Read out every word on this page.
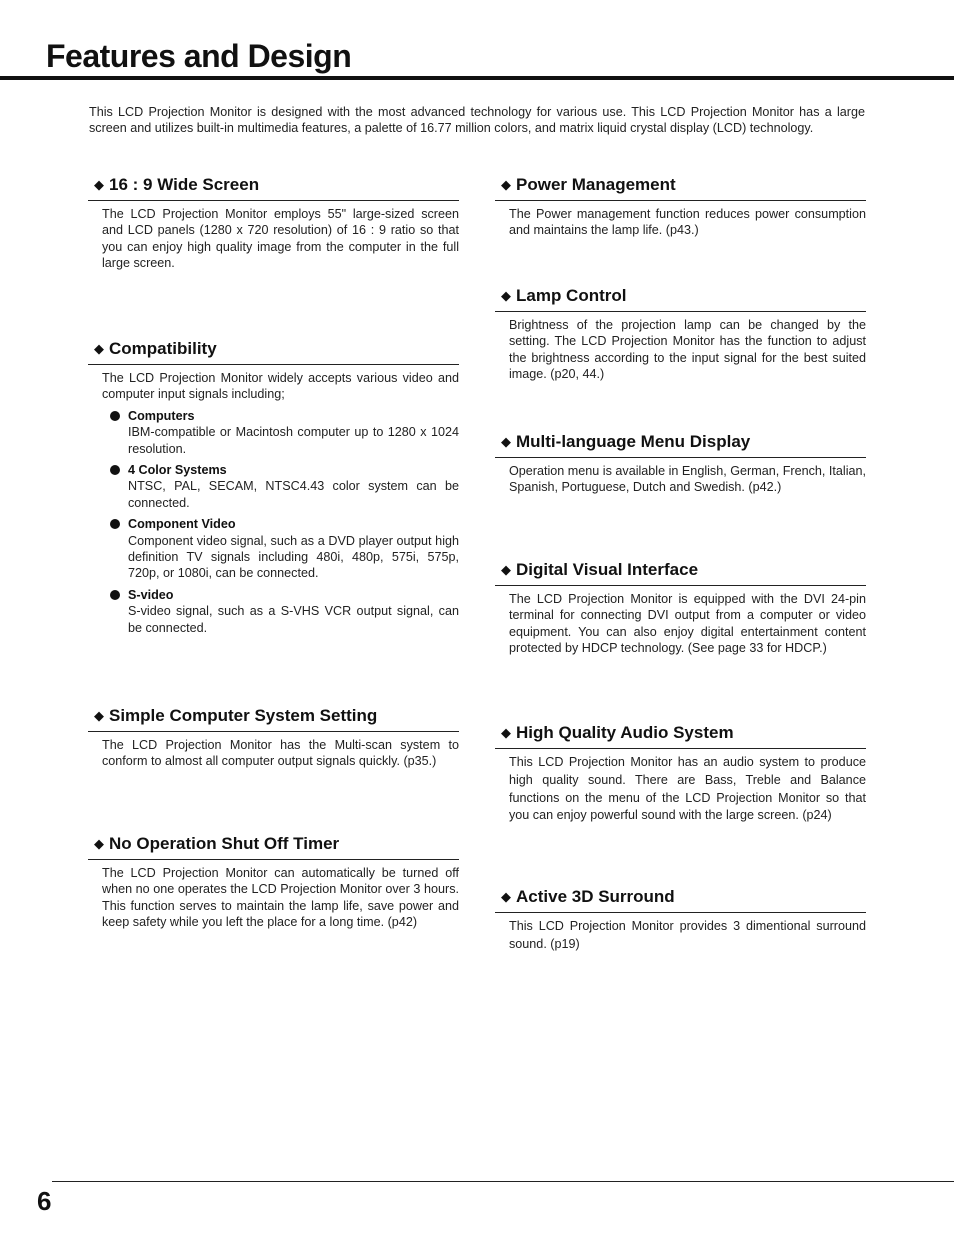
Features and Design

This LCD Projection Monitor is designed with the most advanced technology for various use. This LCD Projection Monitor has a large screen and utilizes built-in multimedia features, a palette of 16.77 million colors, and matrix liquid crystal display (LCD) technology.

◆ 16 : 9 Wide Screen
The LCD Projection Monitor employs 55" large-sized screen and LCD panels (1280 x 720 resolution) of 16 : 9 ratio so that you can enjoy high quality image from the computer in the full large screen.
◆ Compatibility
The LCD Projection Monitor widely accepts various video and computer input signals including;
Computers
IBM-compatible or Macintosh computer up to 1280 x 1024 resolution.
4 Color Systems
NTSC, PAL, SECAM, NTSC4.43 color system can be connected.
Component Video
Component video signal, such as a DVD player output high definition TV signals including 480i, 480p, 575i, 575p, 720p, or 1080i, can be connected.
S-video
S-video signal, such as a S-VHS VCR output signal, can be connected.
◆ Simple Computer System Setting
The LCD Projection Monitor has the Multi-scan system to conform to almost all computer output signals quickly. (p35.)
◆ No Operation Shut Off Timer
The LCD Projection Monitor can automatically be turned off when no one operates the LCD Projection Monitor over 3 hours. This function serves to maintain the lamp life, save power and keep safety while you left the place for a long time. (p42)
◆ Power Management
The Power management function reduces power consumption and maintains the lamp life. (p43.)
◆ Lamp Control
Brightness of the projection lamp can be changed by the setting. The LCD Projection Monitor has the function to adjust the brightness according to the input signal for the best suited image. (p20, 44.)
◆ Multi-language Menu Display
Operation menu is available in English, German, French, Italian, Spanish, Portuguese, Dutch and Swedish. (p42.)
◆ Digital Visual Interface
The LCD Projection Monitor is equipped with the DVI 24-pin terminal for connecting DVI output from a computer or video equipment. You can also enjoy digital entertainment content protected by HDCP technology. (See page 33 for HDCP.)
◆ High Quality Audio System
This LCD Projection Monitor has an audio system to produce high quality sound. There are Bass, Treble and Balance functions on the menu of the LCD Projection Monitor so that you can enjoy powerful sound with the large screen. (p24)
◆ Active 3D Surround
This LCD Projection Monitor provides 3 dimentional surround sound. (p19)
6
